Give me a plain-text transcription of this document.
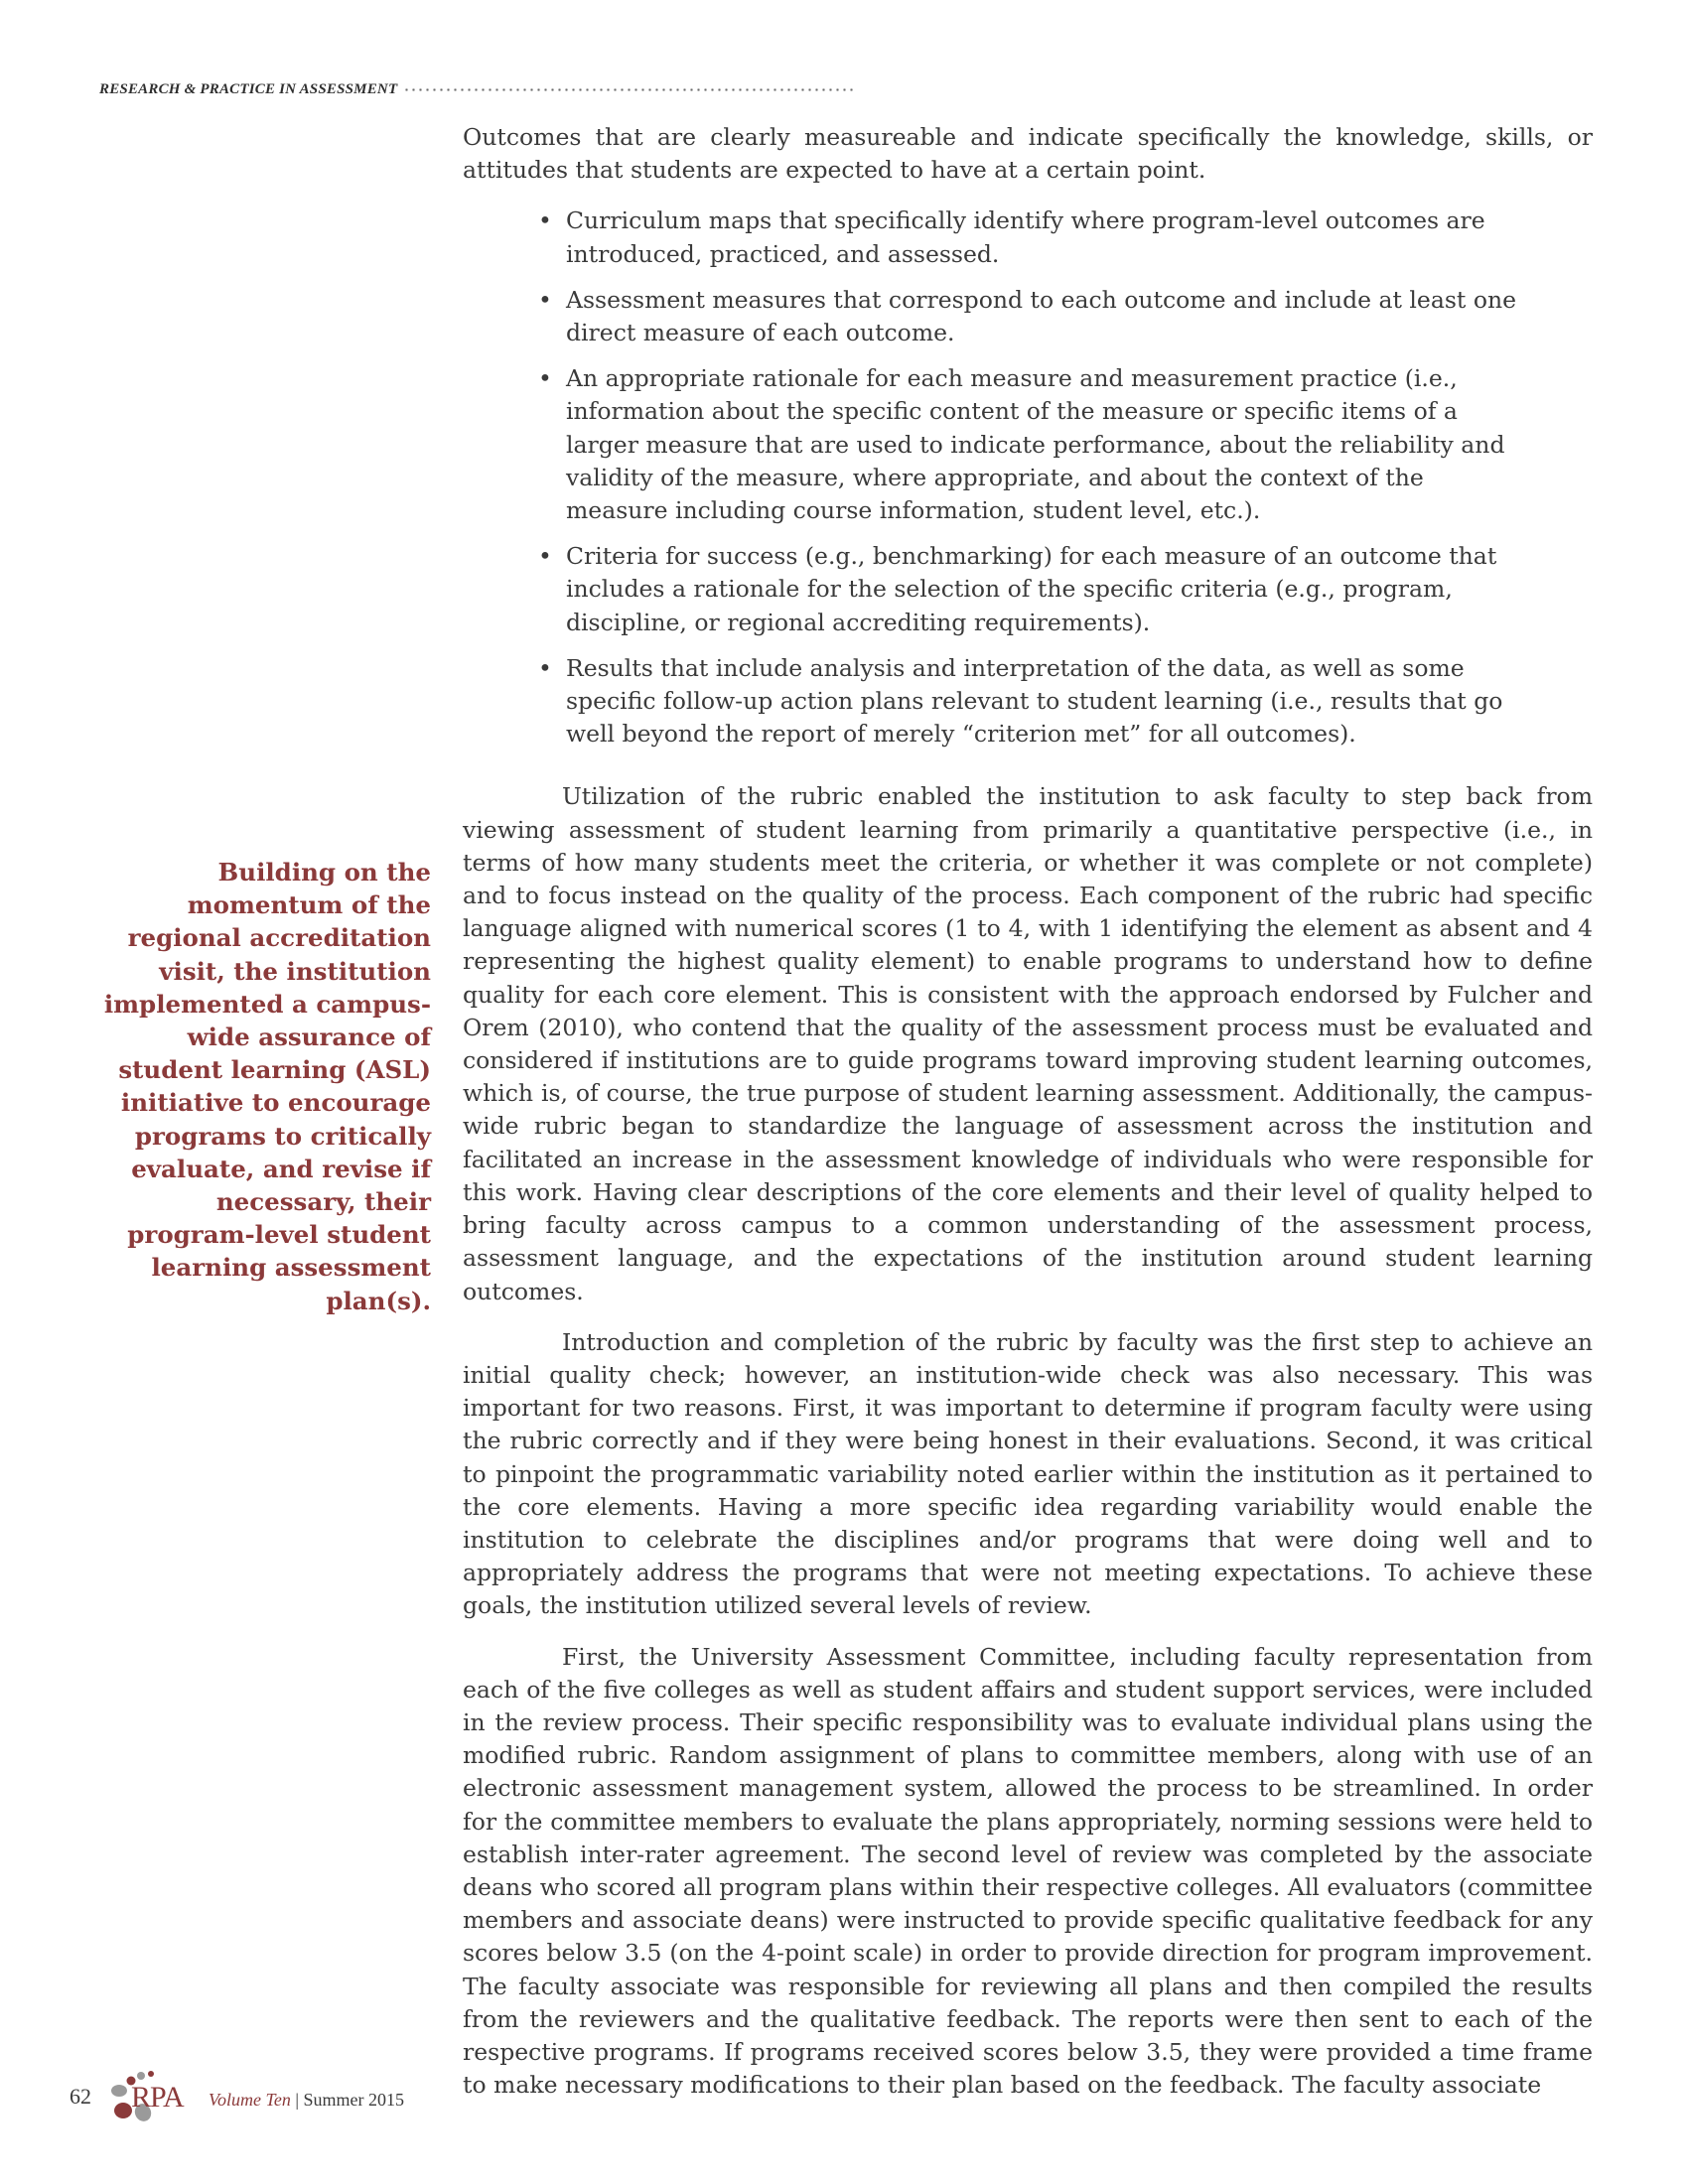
RESEARCH & PRACTICE IN ASSESSMENT

Outcomes that are clearly measureable and indicate specifically the knowledge, skills, or attitudes that students are expected to have at a certain point.

• Curriculum maps that specifically identify where program-level outcomes are introduced, practiced, and assessed.
• Assessment measures that correspond to each outcome and include at least one direct measure of each outcome.
• An appropriate rationale for each measure and measurement practice (i.e., information about the specific content of the measure or specific items of a larger measure that are used to indicate performance, about the reliability and validity of the measure, where appropriate, and about the context of the measure including course information, student level, etc.).
• Criteria for success (e.g., benchmarking) for each measure of an outcome that includes a rationale for the selection of the specific criteria (e.g., program, discipline, or regional accrediting requirements).
• Results that include analysis and interpretation of the data, as well as some specific follow-up action plans relevant to student learning (i.e., results that go well beyond the report of merely “criterion met” for all outcomes).

Utilization of the rubric enabled the institution to ask faculty to step back from viewing assessment of student learning from primarily a quantitative perspective (i.e., in terms of how many students meet the criteria, or whether it was complete or not complete) and to focus instead on the quality of the process. Each component of the rubric had specific language aligned with numerical scores (1 to 4, with 1 identifying the element as absent and 4 representing the highest quality element) to enable programs to understand how to define quality for each core element. This is consistent with the approach endorsed by Fulcher and Orem (2010), who contend that the quality of the assessment process must be evaluated and considered if institutions are to guide programs toward improving student learning outcomes, which is, of course, the true purpose of student learning assessment. Additionally, the campus-wide rubric began to standardize the language of assessment across the institution and facilitated an increase in the assessment knowledge of individuals who were responsible for this work. Having clear descriptions of the core elements and their level of quality helped to bring faculty across campus to a common understanding of the assessment process, assessment language, and the expectations of the institution around student learning outcomes.

Introduction and completion of the rubric by faculty was the first step to achieve an initial quality check; however, an institution-wide check was also necessary. This was important for two reasons. First, it was important to determine if program faculty were using the rubric correctly and if they were being honest in their evaluations. Second, it was critical to pinpoint the programmatic variability noted earlier within the institution as it pertained to the core elements. Having a more specific idea regarding variability would enable the institution to celebrate the disciplines and/or programs that were doing well and to appropriately address the programs that were not meeting expectations. To achieve these goals, the institution utilized several levels of review.

First, the University Assessment Committee, including faculty representation from each of the five colleges as well as student affairs and student support services, were included in the review process. Their specific responsibility was to evaluate individual plans using the modified rubric. Random assignment of plans to committee members, along with use of an electronic assessment management system, allowed the process to be streamlined. In order for the committee members to evaluate the plans appropriately, norming sessions were held to establish inter-rater agreement. The second level of review was completed by the associate deans who scored all program plans within their respective colleges. All evaluators (committee members and associate deans) were instructed to provide specific qualitative feedback for any scores below 3.5 (on the 4-point scale) in order to provide direction for program improvement. The faculty associate was responsible for reviewing all plans and then compiled the results from the reviewers and the qualitative feedback. The reports were then sent to each of the respective programs. If programs received scores below 3.5, they were provided a time frame to make necessary modifications to their plan based on the feedback. The faculty associate

Building on the momentum of the regional accreditation visit, the institution implemented a campus-wide assurance of student learning (ASL) initiative to encourage programs to critically evaluate, and revise if necessary, their program-level student learning assessment plan(s).
62 RPA Volume Ten | Summer 2015
